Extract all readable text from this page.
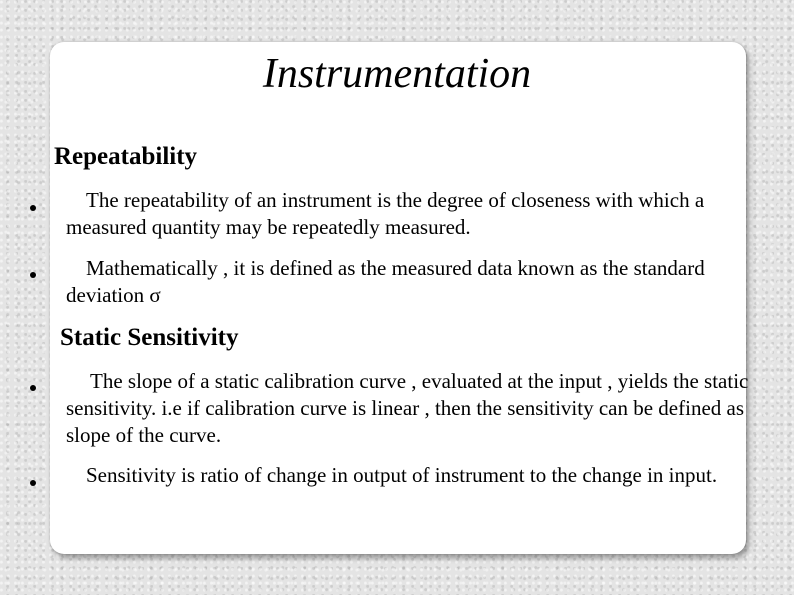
Instrumentation
Repeatability
The repeatability of an instrument is the degree of closeness with which a measured quantity may be repeatedly measured.
Mathematically , it is defined as the measured data known as the standard deviation σ
Static Sensitivity
The slope of a static calibration curve , evaluated at the input , yields the static sensitivity. i.e if calibration curve is linear , then the sensitivity can be defined as slope of the curve.
Sensitivity is ratio of change in output of instrument to the change in input.
